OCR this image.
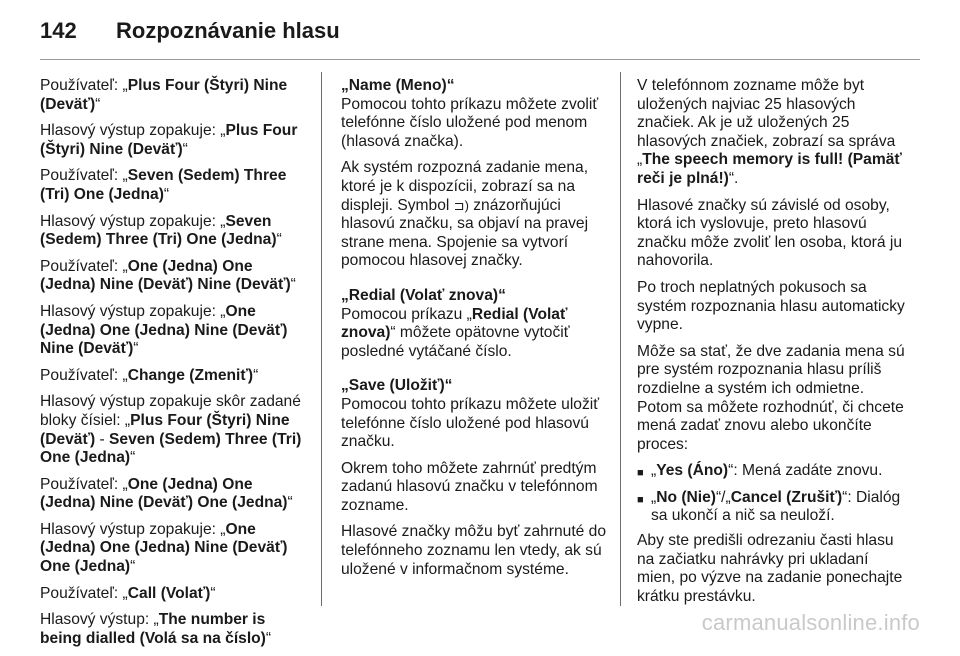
142	Rozpoznávanie hlasu

Používateľ: „Plus Four (Štyri) Nine (Deväť)“

Hlasový výstup zopakuje: „Plus Four (Štyri) Nine (Deväť)“

Používateľ: „Seven (Sedem) Three (Tri) One (Jedna)“

Hlasový výstup zopakuje: „Seven (Sedem) Three (Tri) One (Jedna)“

Používateľ: „One (Jedna) One (Jedna) Nine (Deväť) Nine (Deväť)“

Hlasový výstup zopakuje: „One (Jedna) One (Jedna) Nine (Deväť) Nine (Deväť)“

Používateľ: „Change (Zmeniť)“

Hlasový výstup zopakuje skôr zadané bloky čísiel: „Plus Four (Štyri) Nine (Deväť) - Seven (Sedem) Three (Tri) One (Jedna)“

Používateľ: „One (Jedna) One (Jedna) Nine (Deväť) One (Jedna)“

Hlasový výstup zopakuje: „One (Jedna) One (Jedna) Nine (Deväť) One (Jedna)“

Používateľ: „Call (Volať)“

Hlasový výstup: „The number is being dialled (Volá sa na číslo)“

„Name (Meno)“

Pomocou tohto príkazu môžete zvoliť telefónne číslo uložené pod menom (hlasová značka).

Ak systém rozpozná zadanie mena, ktoré je k dispozícii, zobrazí sa na displeji. Symbol ⊐) znázorňujúci hlasovú značku, sa objaví na pravej strane mena. Spojenie sa vytvorí pomocou hlasovej značky.

„Redial (Volať znova)“

Pomocou príkazu „Redial (Volať znova)“ môžete opätovne vytočiť posledné vytáčané číslo.

„Save (Uložiť)“

Pomocou tohto príkazu môžete uložiť telefónne číslo uložené pod hlasovú značku.

Okrem toho môžete zahrnúť predtým zadanú hlasovú značku v telefónnom zozname.

Hlasové značky môžu byť zahrnuté do telefónneho zoznamu len vtedy, ak sú uložené v informačnom systéme.

V telefónnom zozname môže byt uložených najviac 25 hlasových značiek. Ak je už uložených 25 hlasových značiek, zobrazí sa správa „The speech memory is full! (Pamäť reči je plná!)“.

Hlasové značky sú závislé od osoby, ktorá ich vyslovuje, preto hlasovú značku môže zvoliť len osoba, ktorá ju nahovorila.

Po troch neplatných pokusoch sa systém rozpoznania hlasu automaticky vypne.

Môže sa stať, že dve zadania mena sú pre systém rozpoznania hlasu príliš rozdielne a systém ich odmietne. Potom sa môžete rozhodnúť, či chcete mená zadať znovu alebo ukončíte proces:

■ „Yes (Áno)“: Mená zadáte znovu.
■ „No (Nie)“/„Cancel (Zrušiť)“: Dialóg sa ukončí a nič sa neuloží.

Aby ste predišli odrezaniu časti hlasu na začiatku nahrávky pri ukladaní mien, po výzve na zadanie ponechajte krátku prestávku.

carmanualsonline.info
